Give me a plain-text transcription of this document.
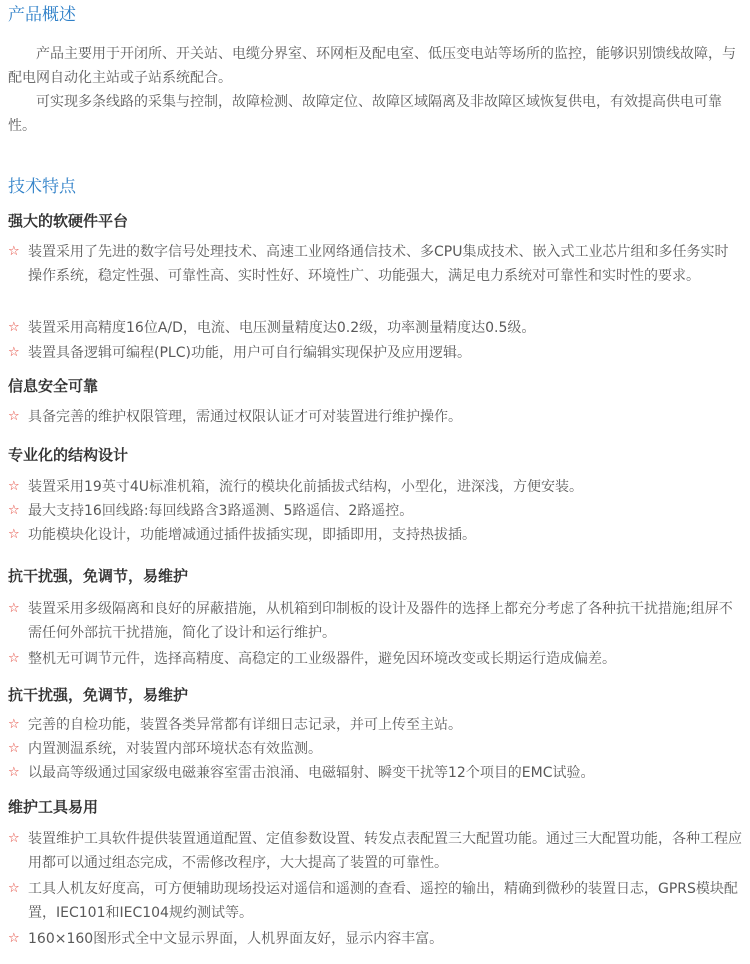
产品概述

产品主要用于开闭所、开关站、电缆分界室、环网柜及配电室、低压变电站等场所的监控，能够识别馈线故障，与配电网自动化主站或子站系统配合。

可实现多条线路的采集与控制，故障检测、故障定位、故障区域隔离及非故障区域恢复供电，有效提高供电可靠性。

技术特点
强大的软硬件平台
☆ 装置采用了先进的数字信号处理技术、高速工业网络通信技术、多CPU集成技术、嵌入式工业芯片组和多任务实时操作系统，稳定性强、可靠性高、实时性好、环境性广、功能强大，满足电力系统对可靠性和实时性的要求。
☆ 装置采用高精度16位A/D，电流、电压测量精度达0.2级，功率测量精度达0.5级。
☆ 装置具备逻辑可编程(PLC)功能，用户可自行编辑实现保护及应用逻辑。
信息安全可靠
☆ 具备完善的维护权限管理，需通过权限认证才可对装置进行维护操作。
专业化的结构设计
☆ 装置采用19英寸4U标准机箱，流行的模块化前插拔式结构，小型化，进深浅，方便安装。
☆ 最大支持16回线路:每回线路含3路遥测、5路遥信、2路遥控。
☆ 功能模块化设计，功能增减通过插件拔插实现，即插即用，支持热拔插。
抗干扰强，免调节，易维护
☆ 装置采用多级隔离和良好的屏蔽措施，从机箱到印制板的设计及器件的选择上都充分考虑了各种抗干扰措施;组屏不需任何外部抗干扰措施，简化了设计和运行维护。
☆ 整机无可调节元件，选择高精度、高稳定的工业级器件，避免因环境改变或长期运行造成偏差。
抗干扰强，免调节，易维护
☆ 完善的自检功能，装置各类异常都有详细日志记录，并可上传至主站。
☆ 内置测温系统，对装置内部环境状态有效监测。
☆ 以最高等级通过国家级电磁兼容室雷击浪涌、电磁辐射、瞬变干扰等12个项目的EMC试验。
维护工具易用
☆ 装置维护工具软件提供装置通道配置、定值参数设置、转发点表配置三大配置功能。通过三大配置功能，各种工程应用都可以通过组态完成，不需修改程序，大大提高了装置的可靠性。
☆ 工具人机友好度高，可方便辅助现场投运对遥信和遥测的查看、遥控的输出，精确到微秒的装置日志，GPRS模块配置，IEC101和IEC104规约测试等。
☆ 160×160图形式全中文显示界面，人机界面友好，显示内容丰富。
